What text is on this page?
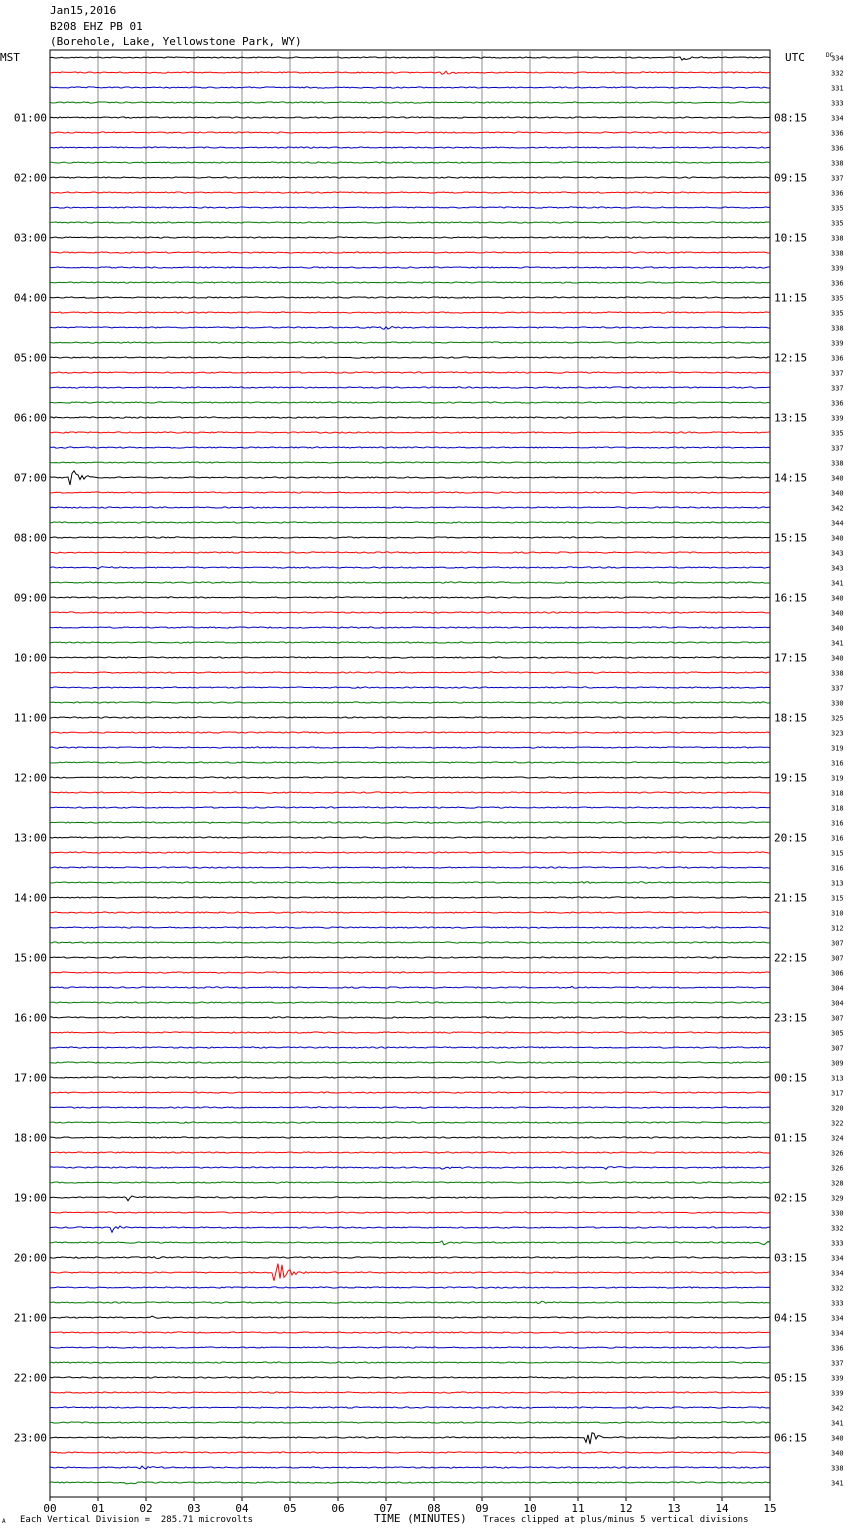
Jan15,2016
B208 EHZ PB 01
(Borehole, Lake, Yellowstone Park, WY)
01:00
02:00
03:00
04:00
05:00
06:00
07:00
08:00
09:00
10:00
11:00
12:00
13:00
14:00
15:00
16:00
17:00
18:00
19:00
20:00
21:00
22:00
23:00
08:15
09:15
10:15
11:15
12:15
13:15
14:15
15:15
16:15
17:15
18:15
19:15
20:15
21:15
22:15
23:15
00:15
01:15
02:15
03:15
04:15
05:15
06:15
MST	UTC	DC
334
332
331
333
334
336
336
338
337
336
335
335
338
338
339
336
335
335
338
339
336
337
337
336
339
335
337
338
340
340
342
344
340
343
343
341
340
340
340
341
340
338
337
330
325
323
319
316
319
318
318
316
316
315
316
313
315
310
312
307
307
306
304
304
307
305
307
309
313
317
320
322
324
326
326
328
329
330
332
333
334
334
332
333
334
334
336
337
339
339
342
341
340
340
338
341
00	01	02	03	04	05	06	07	08	09	10	11	12	13	14	15
A Each Vertical Division =  285.71 microvolts	TIME (MINUTES) Traces clipped at plus/minus 5 vertical divisions
